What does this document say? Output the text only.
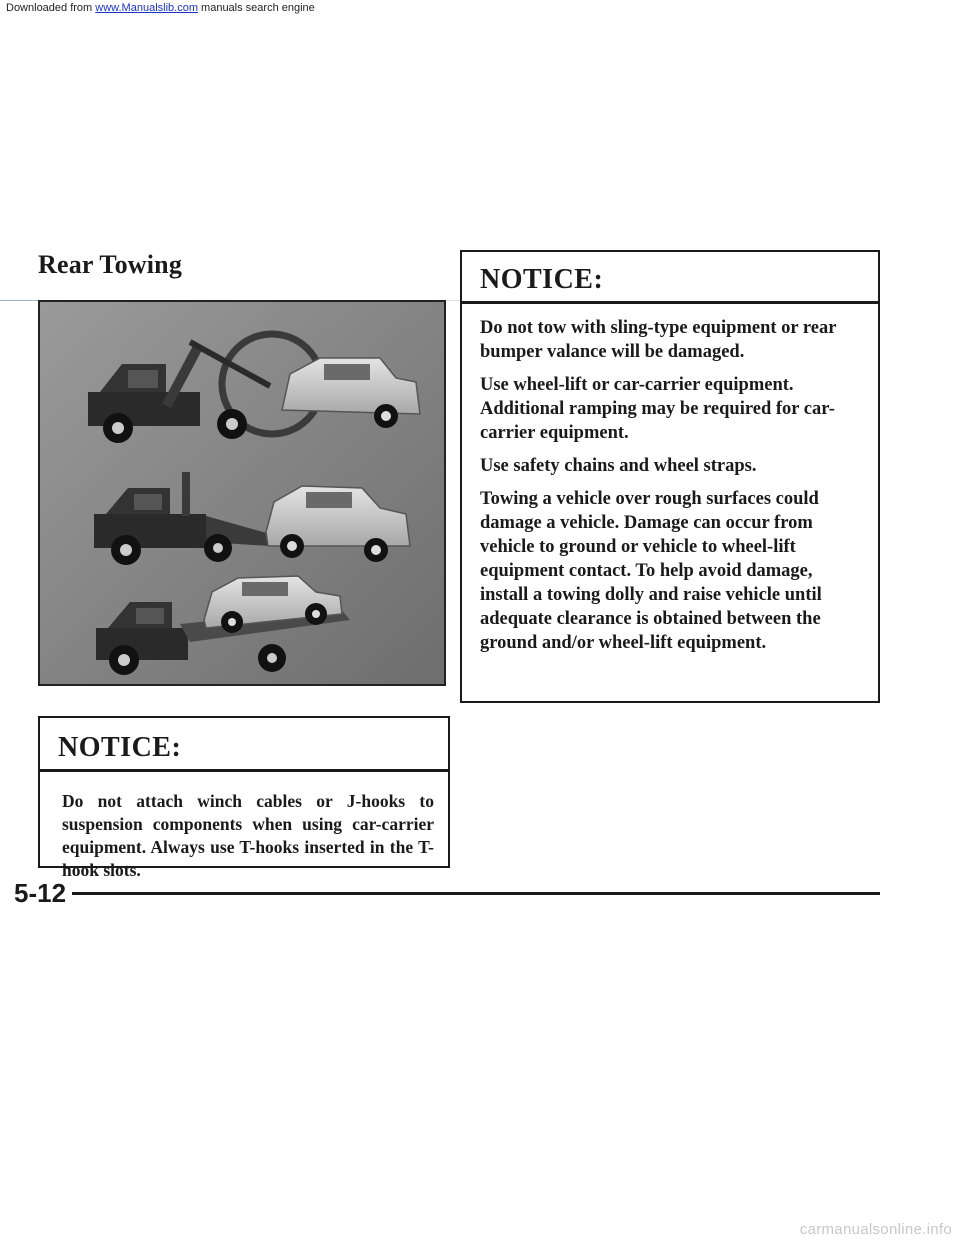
Downloaded from www.Manualslib.com manuals search engine
Rear Towing	NOTICE:

Do not tow with sling-type equipment or rear bumper valance will be damaged.

Use wheel-lift or car-carrier equipment. Additional ramping may be required for car-carrier equipment.

Use safety chains and wheel straps.

Towing a vehicle over rough surfaces could damage a vehicle. Damage can occur from vehicle to ground or vehicle to wheel-lift equipment contact. To help avoid damage, install a towing dolly and raise vehicle until adequate clearance is obtained between the ground and/or wheel-lift equipment.

NOTICE:

Do not attach winch cables or J-hooks to suspension components when using car-carrier equipment. Always use T-hooks inserted in the T-hook slots.

5-12
carmanualsonline.info
